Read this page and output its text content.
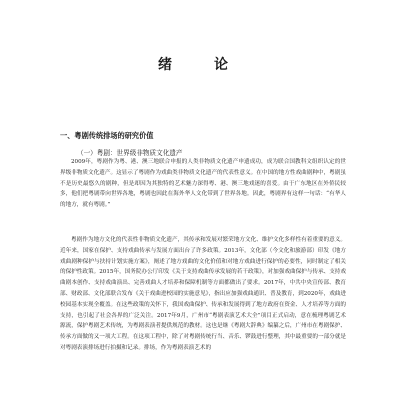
绪　论
一、粤剧传统排场的研究价值
（一）粤剧：世界级非物质文化遗产

2009年，粤剧作为粤、港、澳三地联合申报的人类非物质文化遗产申遗成功，成为联合国教科文组织认定的世界级非物质文化遗产。这显示了粤剧作为戏曲类非物质文化遗产的代表性意义。在中国的地方性戏曲剧种中，粤剧虽不是历史最悠久的剧种，但是却因为其独特的艺术魅力深得粤、港、澳三地戏迷的喜爱。由于广东地区在外侨民较多，他们把粤剧带向世界各地，粤剧也因此在海外华人文化带到了世界各地。因此，粤剧界有这样一句话：“有华人的地方，就有粤剧。”

粤剧作为地方文化的代表性非物质文化遗产，其传承和发展对繁荣地方文化、维护文化多样性有着重要的意义。近年来，国家在保护、支持戏曲传承与发展方面出台了许多政策。2013年，文化部（今文化和旅游部）印发《地方戏曲剧种保护与扶持计划实施方案》，阐述了地方戏曲的文化价值和对地方戏曲进行保护的必要性，同时制定了相关的保护性政策。2015年，国务院办公厅印发《关于支持戏曲传承发展的若干政策》，对加强戏曲保护与传承、支持戏曲剧本创作、支持戏曲演出、完善戏曲人才培养和保障机制等方面都做出了要求。2017年，中共中央宣传部、教育部、财政部、文化部联合发布《关于戏曲进校园的实施意见》，指出应加强戏曲通识、普及教育，到2020年，戏曲进校园基本实现全覆盖。在这些政策的关怀下，我国戏曲保护、传承和发展得到了地方政府在资金、人才培养等方面的支持，也引起了社会各界的广泛关注。2017年9月，广州市“粤剧表演艺术大全”项目正式启动，意在梳理粤剧艺术源流，保护粤剧艺术传统，为粤剧表演者提供规范的教材。这也是继《粤剧大辞典》编纂之后，广州市在粤剧保护、传承方面做的又一项大工程。在这项工程中，除了对粤剧传统行当、音乐、锣鼓进行整理，其中最重要的一部分就是对粤剧表演排场进行拍摄和记录。排场，作为粤剧表演艺术的
